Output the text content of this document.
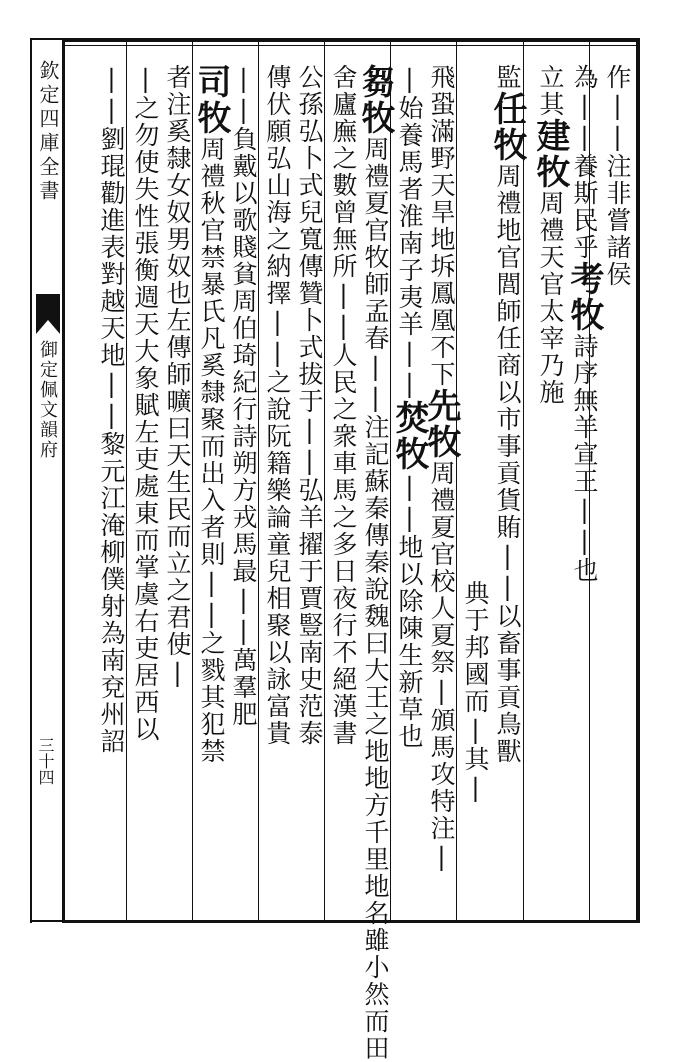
欽定四庫全書
御定佩文韻府
三十四
作||注非嘗諸侯
為||養斯民乎考牧詩序無羊宣王||也
立其建牧周禮天官太宰乃施
監任牧周禮地官閭師任商以市事貢貨賄||以畜事貢鳥獸
典于邦國而|其|
飛蛩滿野天旱地坼鳳凰不下先牧周禮夏官校人夏祭|頒馬攻特注|
|始養馬者淮南子夷羊||焚牧||地以除陳生新草也
芻牧周禮夏官牧師孟春||注記蘇秦傳秦說魏曰大王之地地方千里地名雖小然而田
舍廬廡之數曾無所||人民之衆車馬之多日夜行不絕漢書
公孫弘卜式兒寬傳贊卜式拔于||弘羊擢于賈豎南史范泰
傳伏願弘山海之納擇||之說阮籍樂論童兒相聚以詠富貴
||負戴以歌賤貧周伯琦紀行詩朔方戎馬最||萬羣肥
司牧周禮秋官禁暴氏凡奚隸聚而出入者則||之戮其犯禁
者注奚隸女奴男奴也左傳師曠曰天生民而立之君使|
|之勿使失性張衡週天大象賦左吏處東而掌虞右吏居西以
||劉琨勸進表對越天地||黎元江淹柳僕射為南兗州詔
